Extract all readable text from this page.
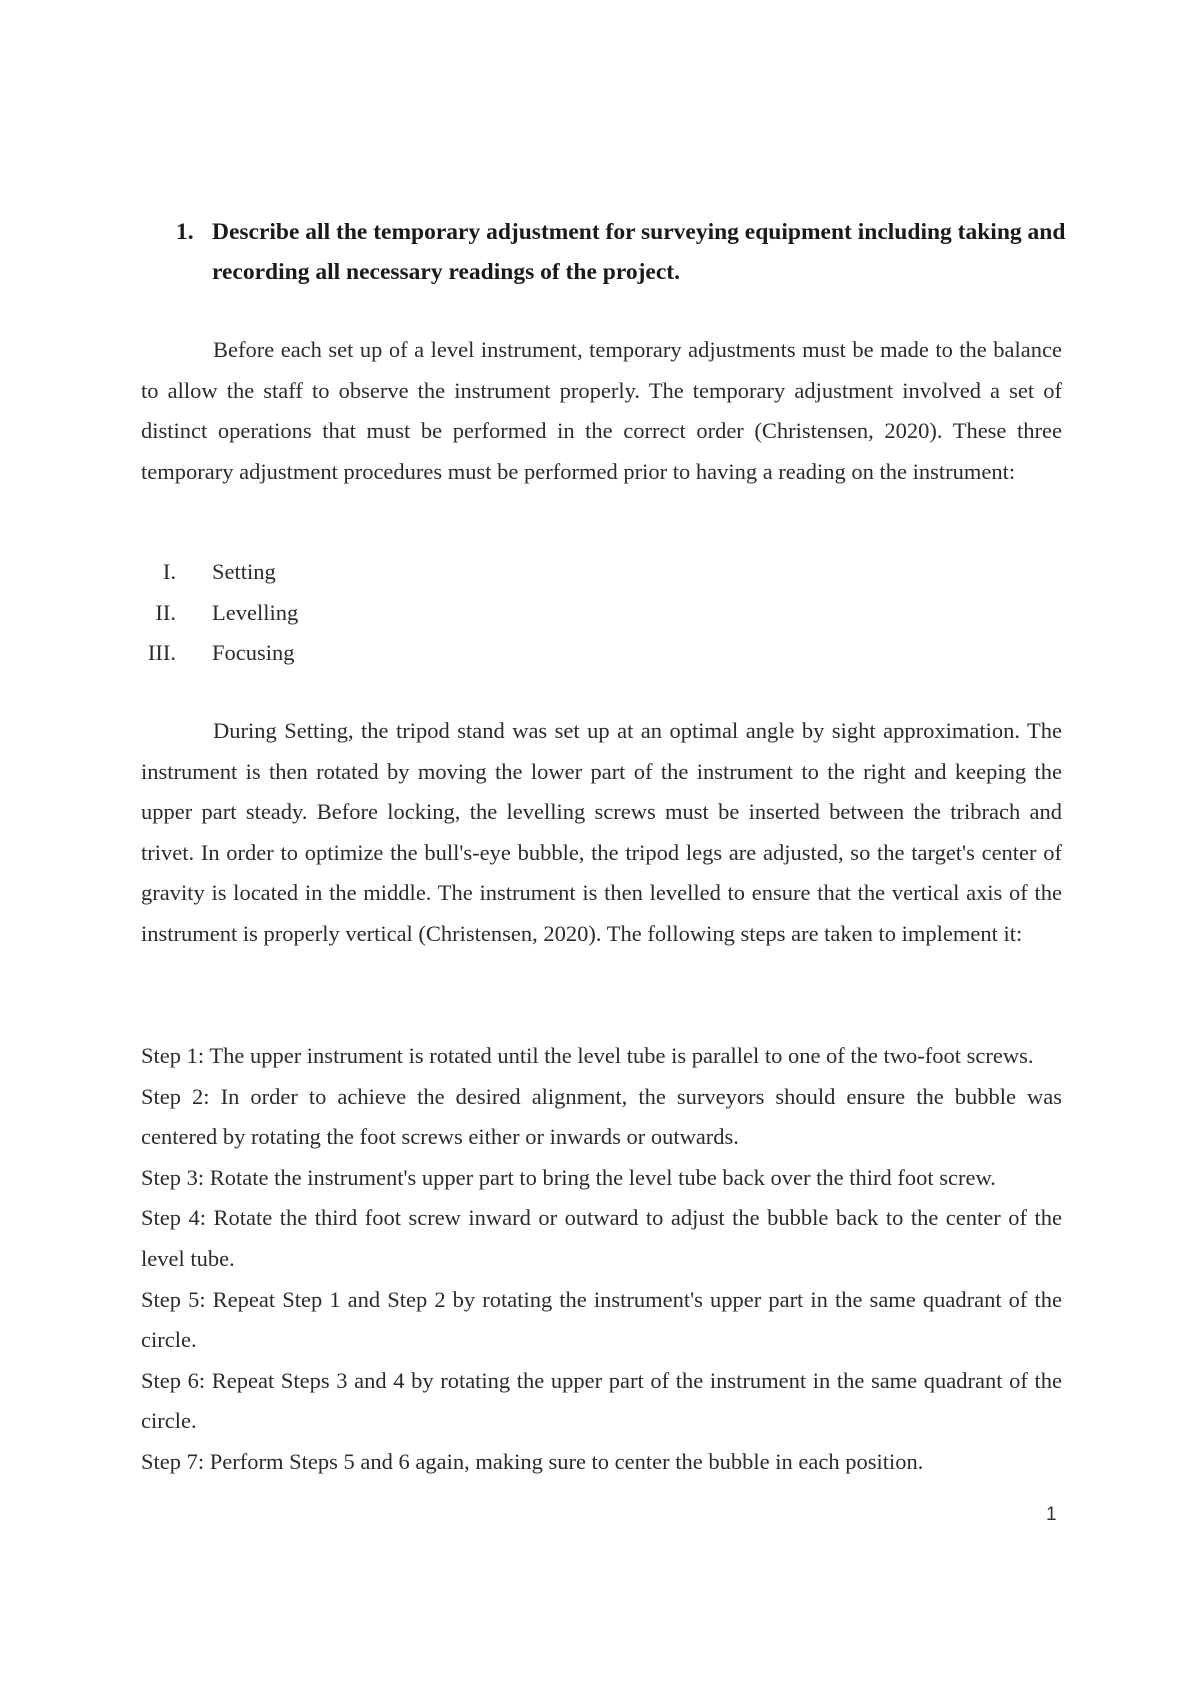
1. Describe all the temporary adjustment for surveying equipment including taking and recording all necessary readings of the project.
Before each set up of a level instrument, temporary adjustments must be made to the balance to allow the staff to observe the instrument properly. The temporary adjustment involved a set of distinct operations that must be performed in the correct order (Christensen, 2020). These three temporary adjustment procedures must be performed prior to having a reading on the instrument:
I. Setting
II. Levelling
III. Focusing
During Setting, the tripod stand was set up at an optimal angle by sight approximation. The instrument is then rotated by moving the lower part of the instrument to the right and keeping the upper part steady. Before locking, the levelling screws must be inserted between the tribrach and trivet. In order to optimize the bull's-eye bubble, the tripod legs are adjusted, so the target's center of gravity is located in the middle. The instrument is then levelled to ensure that the vertical axis of the instrument is properly vertical (Christensen, 2020). The following steps are taken to implement it:

Step 1: The upper instrument is rotated until the level tube is parallel to one of the two-foot screws.

Step 2: In order to achieve the desired alignment, the surveyors should ensure the bubble was centered by rotating the foot screws either or inwards or outwards.

Step 3: Rotate the instrument's upper part to bring the level tube back over the third foot screw.

Step 4: Rotate the third foot screw inward or outward to adjust the bubble back to the center of the level tube.

Step 5: Repeat Step 1 and Step 2 by rotating the instrument's upper part in the same quadrant of the circle.

Step 6: Repeat Steps 3 and 4 by rotating the upper part of the instrument in the same quadrant of the circle.

Step 7: Perform Steps 5 and 6 again, making sure to center the bubble in each position.

1
